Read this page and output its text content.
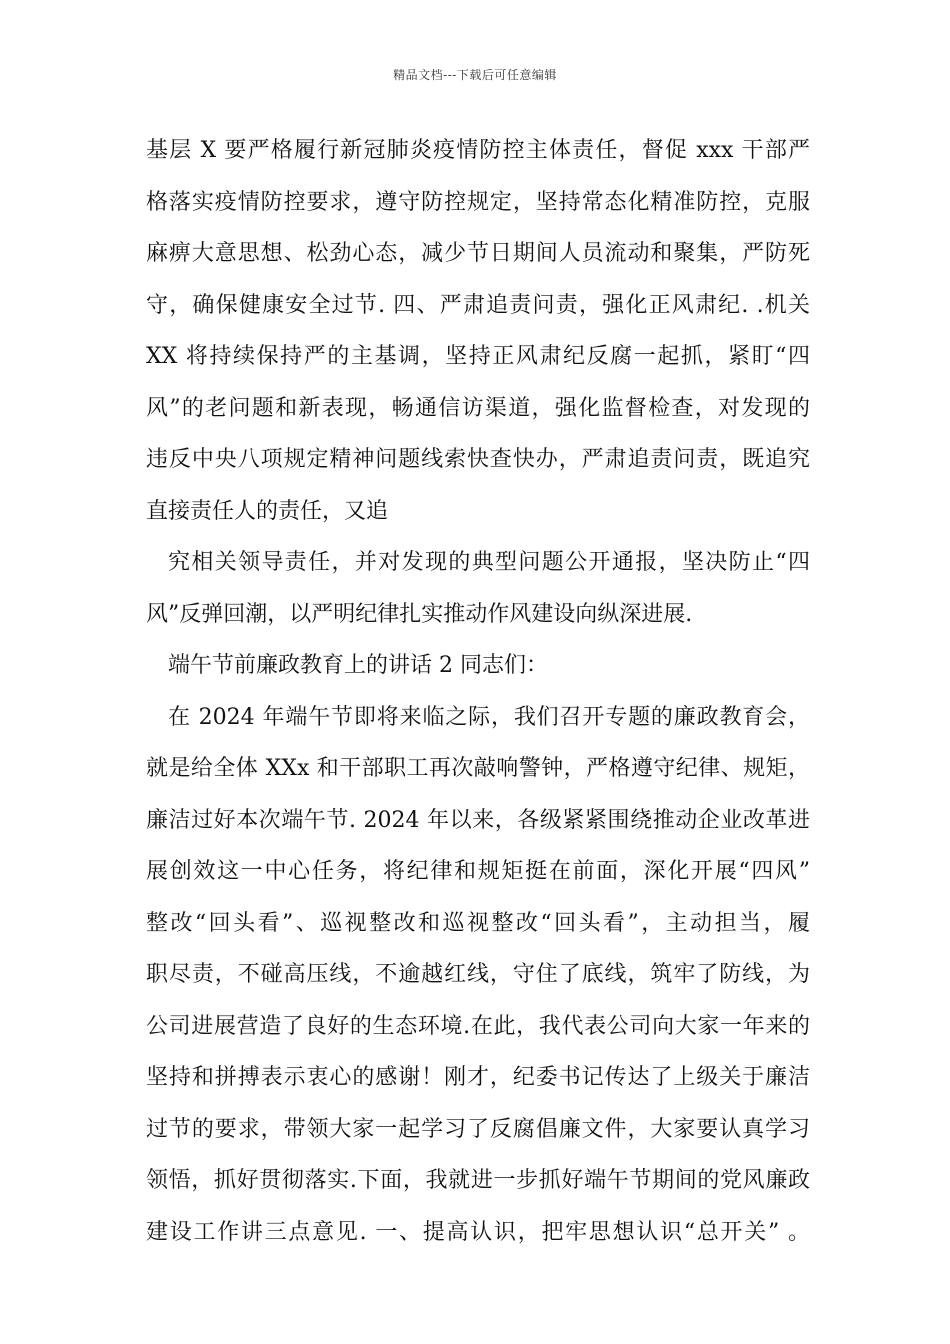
精品文档---下载后可任意编辑
基层 X 要严格履行新冠肺炎疫情防控主体责任，督促 xxx 干部严
格落实疫情防控要求，遵守防控规定，坚持常态化精准防控，克服
麻痹大意思想、松劲心态，减少节日期间人员流动和聚集，严防死
守，确保健康安全过节. 四、严肃追责问责，强化正风肃纪. .机关
XX 将持续保持严的主基调，坚持正风肃纪反腐一起抓，紧盯“四
风”的老问题和新表现，畅通信访渠道，强化监督检查，对发现的
违反中央八项规定精神问题线索快查快办，严肃追责问责，既追究
直接责任人的责任，又追
究相关领导责任，并对发现的典型问题公开通报，坚决防止“四
风”反弹回潮，以严明纪律扎实推动作风建设向纵深进展.
端午节前廉政教育上的讲话 2 同志们：
在 2024 年端午节即将来临之际，我们召开专题的廉政教育会，
就是给全体 XXx 和干部职工再次敲响警钟，严格遵守纪律、规矩，
廉洁过好本次端午节. 2024 年以来，各级紧紧围绕推动企业改革进
展创效这一中心任务，将纪律和规矩挺在前面，深化开展“四风”
整改“回头看”、巡视整改和巡视整改“回头看”，主动担当，履
职尽责，不碰高压线，不逾越红线，守住了底线，筑牢了防线，为
公司进展营造了良好的生态环境.在此，我代表公司向大家一年来的
坚持和拼搏表示衷心的感谢！刚才，纪委书记传达了上级关于廉洁
过节的要求，带领大家一起学习了反腐倡廉文件，大家要认真学习
领悟，抓好贯彻落实.下面，我就进一步抓好端午节期间的党风廉政
建设工作讲三点意见. 一、提高认识，把牢思想认识“总开关” 。
